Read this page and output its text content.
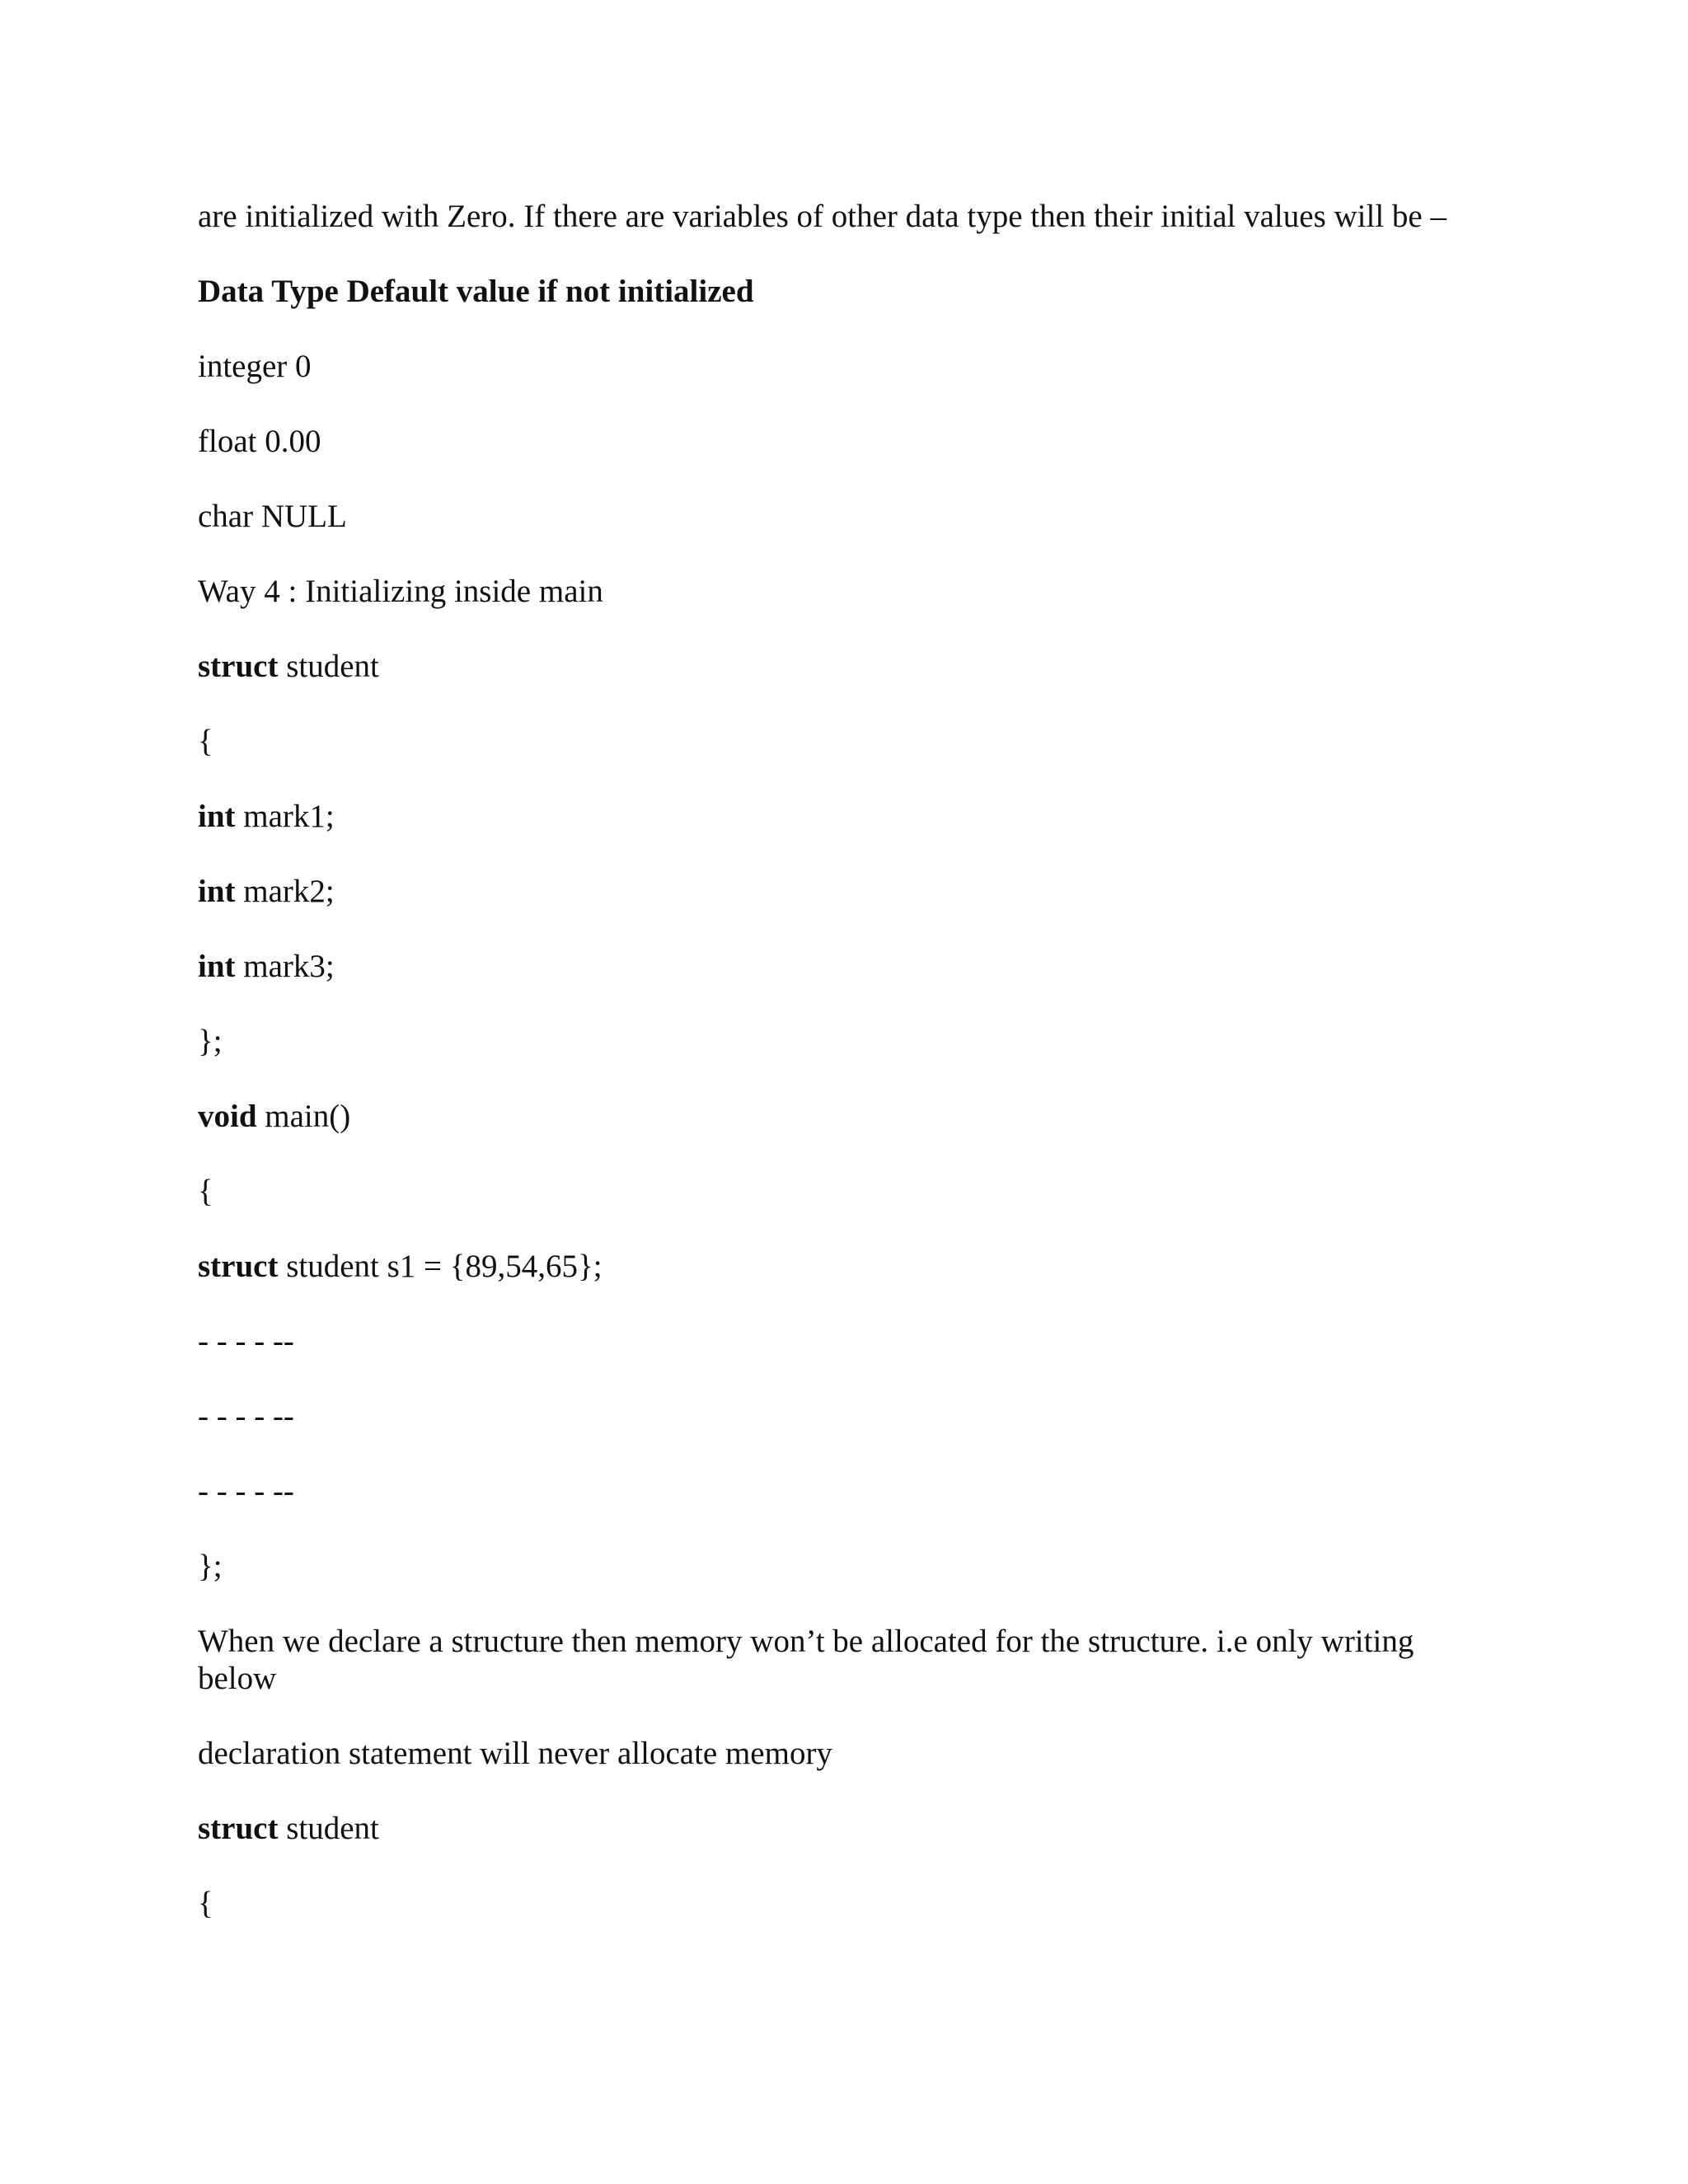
are initialized with Zero. If there are variables of other data type then their initial values will be –

Data Type Default value if not initialized

integer 0

float 0.00

char NULL

Way 4 : Initializing inside main

struct student

{

int mark1;

int mark2;

int mark3;

};

void main()

{

struct student s1 = {89,54,65};

- - - - --

- - - - --

- - - - --

};

When we declare a structure then memory won’t be allocated for the structure. i.e only writing below

declaration statement will never allocate memory

struct student

{
